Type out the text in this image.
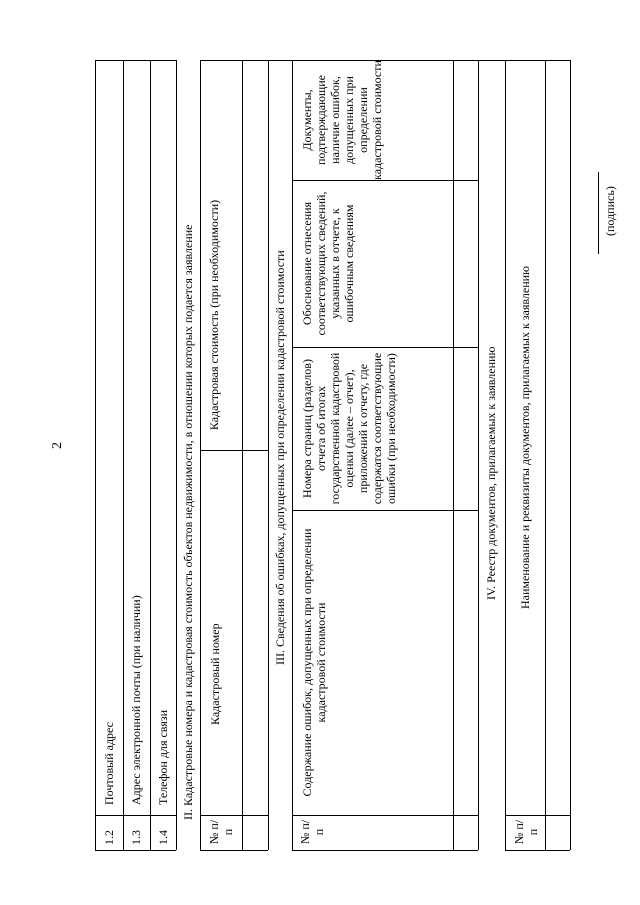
2
1.2
Почтовый адрес
1.3
Адрес электронной почты (при наличии)
1.4
Телефон для связи II. Кадастровые номера и кадастровая стоимость объектов недвижимости, в отношении которых подается заявление
№ п/п
Кадастровый номер
Кадастровая стоимость (при необходимости)	III. Сведения об ошибках, допущенных при определении кадастровой стоимости
№ п/п
Содержание ошибок, допущенных при определении кадастровой стоимости
Номера страниц (разделов) отчета об итогах государственной кадастровой оценки (далее – отчет), приложений к отчету, где содержатся соответствующие ошибки (при необходимости)
Обоснование отнесения соответствующих сведений, указанных в отчете, к ошибочным сведениям
Документы, подтверждающие наличие ошибок, допущенных при определении кадастровой стоимости
IV. Реестр документов, прилагаемых к заявлению
№ п/п
Наименование и реквизиты документов, прилагаемых к заявлению
(подпись)
